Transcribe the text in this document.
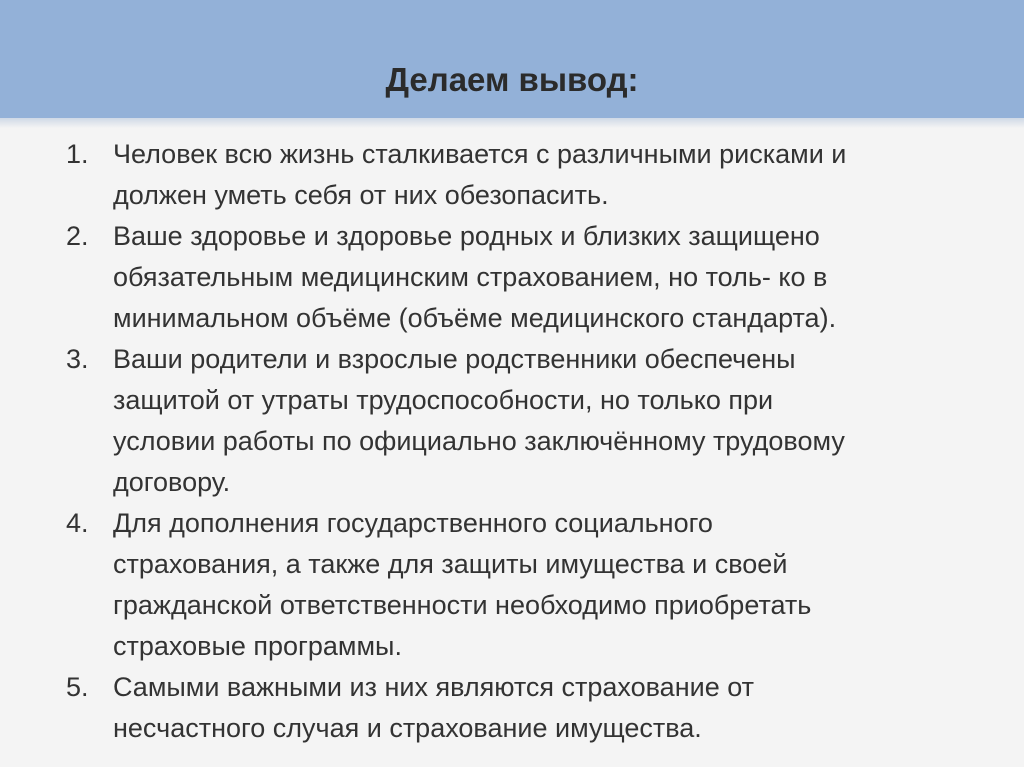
Делаем вывод:
1. Человек всю жизнь сталкивается с различными рисками и
должен уметь себя от них обезопасить.
2. Ваше здоровье и здоровье родных и близких защищено
обязательным медицинским страхованием, но толь- ко в
минимальном объёме (объёме медицинского стандарта).
3. Ваши родители и взрослые родственники обеспечены
защитой от утраты трудоспособности, но только при
условии работы по официально заключённому трудовому
договору.
4. Для дополнения государственного социального
страхования, а также для защиты имущества и своей
гражданской ответственности необходимо приобретать
страховые программы.
5. Самыми важными из них являются страхование от
несчастного случая и страхование имущества.
